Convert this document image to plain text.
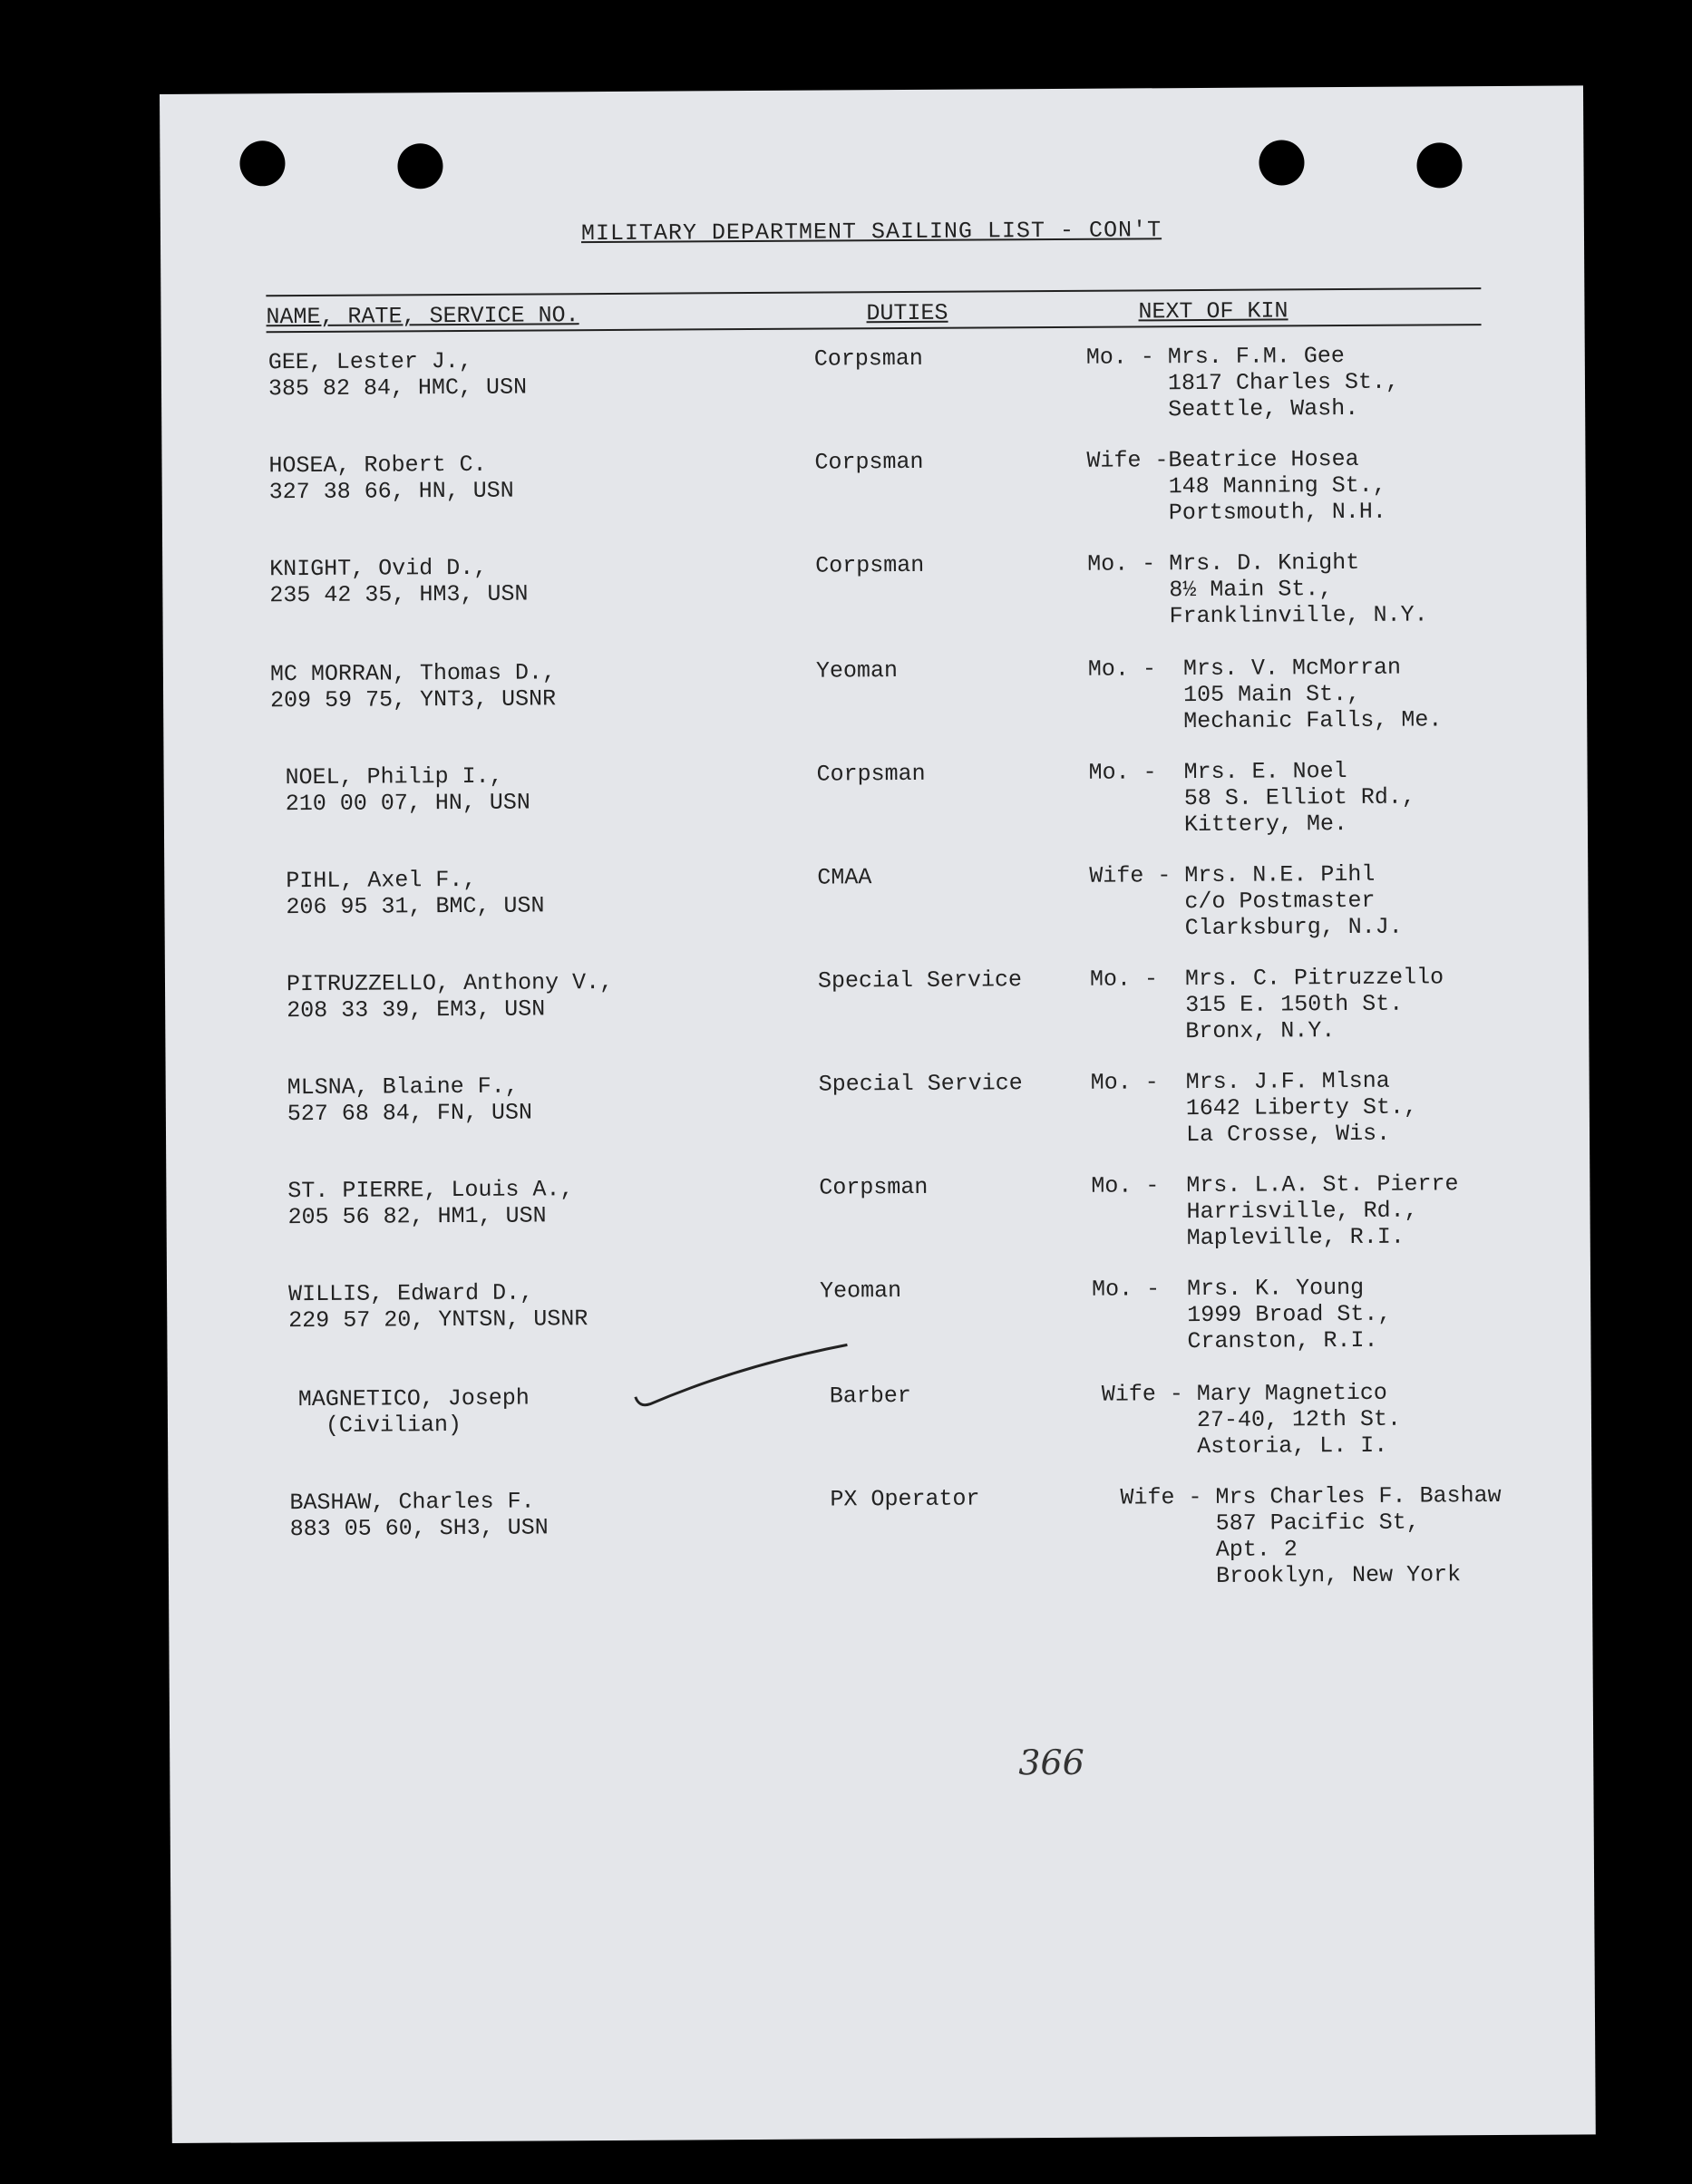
MILITARY DEPARTMENT SAILING LIST - CON'T
NAME, RATE, SERVICE NO.	DUTIES	NEXT OF KIN
GEE, Lester J.,
385 82 84, HMC, USN
Corpsman	Mo. - Mrs. F.M. Gee
1817 Charles St.,
Seattle, Wash.
HOSEA, Robert C.
327 38 66, HN, USN
Corpsman	Wife -Beatrice Hosea
148 Manning St.,
Portsmouth, N.H.
KNIGHT, Ovid D.,
235 42 35, HM3, USN
Corpsman	Mo. - Mrs. D. Knight
8½ Main St.,
Franklinville, N.Y.
MC MORRAN, Thomas D.,
209 59 75, YNT3, USNR
Yeoman	Mo. -  Mrs. V. McMorran
105 Main St.,
Mechanic Falls, Me.
NOEL, Philip I.,
210 00 07, HN, USN
Corpsman	Mo. -  Mrs. E. Noel
58 S. Elliot Rd.,
Kittery, Me.
PIHL, Axel F.,
206 95 31, BMC, USN
CMAA	Wife - Mrs. N.E. Pihl
c/o Postmaster
Clarksburg, N.J.
PITRUZZELLO, Anthony V.,
208 33 39, EM3, USN
Special Service	Mo. -  Mrs. C. Pitruzzello
315 E. 150th St.
Bronx, N.Y.
MLSNA, Blaine F.,
527 68 84, FN, USN
Special Service	Mo. -  Mrs. J.F. Mlsna
1642 Liberty St.,
La Crosse, Wis.
ST. PIERRE, Louis A.,
205 56 82, HM1, USN
Corpsman	Mo. -  Mrs. L.A. St. Pierre
Harrisville, Rd.,
Mapleville, R.I.
WILLIS, Edward D.,
229 57 20, YNTSN, USNR
Yeoman	Mo. -  Mrs. K. Young
1999 Broad St.,
Cranston, R.I.
MAGNETICO, Joseph
(Civilian)
Barber	Wife - Mary Magnetico
27-40, 12th St.
Astoria, L. I.
BASHAW, Charles F.
883 05 60, SH3, USN
PX Operator	Wife - Mrs Charles F. Bashaw
587 Pacific St,
Apt. 2
Brooklyn, New York
366
